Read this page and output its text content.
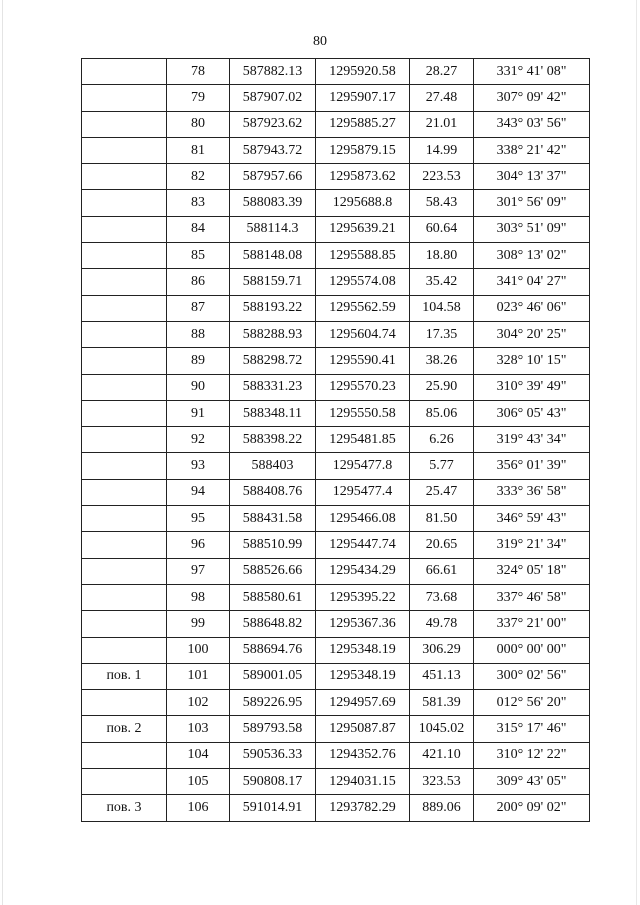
80
	78	587882.13	1295920.58	28.27	331° 41' 08"
	79	587907.02	1295907.17	27.48	307° 09' 42"
	80	587923.62	1295885.27	21.01	343° 03' 56"
	81	587943.72	1295879.15	14.99	338° 21' 42"
	82	587957.66	1295873.62	223.53	304° 13' 37"
	83	588083.39	1295688.8	58.43	301° 56' 09"
	84	588114.3	1295639.21	60.64	303° 51' 09"
	85	588148.08	1295588.85	18.80	308° 13' 02"
	86	588159.71	1295574.08	35.42	341° 04' 27"
	87	588193.22	1295562.59	104.58	023° 46' 06"
	88	588288.93	1295604.74	17.35	304° 20' 25"
	89	588298.72	1295590.41	38.26	328° 10' 15"
	90	588331.23	1295570.23	25.90	310° 39' 49"
	91	588348.11	1295550.58	85.06	306° 05' 43"
	92	588398.22	1295481.85	6.26	319° 43' 34"
	93	588403	1295477.8	5.77	356° 01' 39"
	94	588408.76	1295477.4	25.47	333° 36' 58"
	95	588431.58	1295466.08	81.50	346° 59' 43"
	96	588510.99	1295447.74	20.65	319° 21' 34"
	97	588526.66	1295434.29	66.61	324° 05' 18"
	98	588580.61	1295395.22	73.68	337° 46' 58"
	99	588648.82	1295367.36	49.78	337° 21' 00"
	100	588694.76	1295348.19	306.29	000° 00' 00"
пов. 1	101	589001.05	1295348.19	451.13	300° 02' 56"
	102	589226.95	1294957.69	581.39	012° 56' 20"
пов. 2	103	589793.58	1295087.87	1045.02	315° 17' 46"
	104	590536.33	1294352.76	421.10	310° 12' 22"
	105	590808.17	1294031.15	323.53	309° 43' 05"
пов. 3	106	591014.91	1293782.29	889.06	200° 09' 02"
